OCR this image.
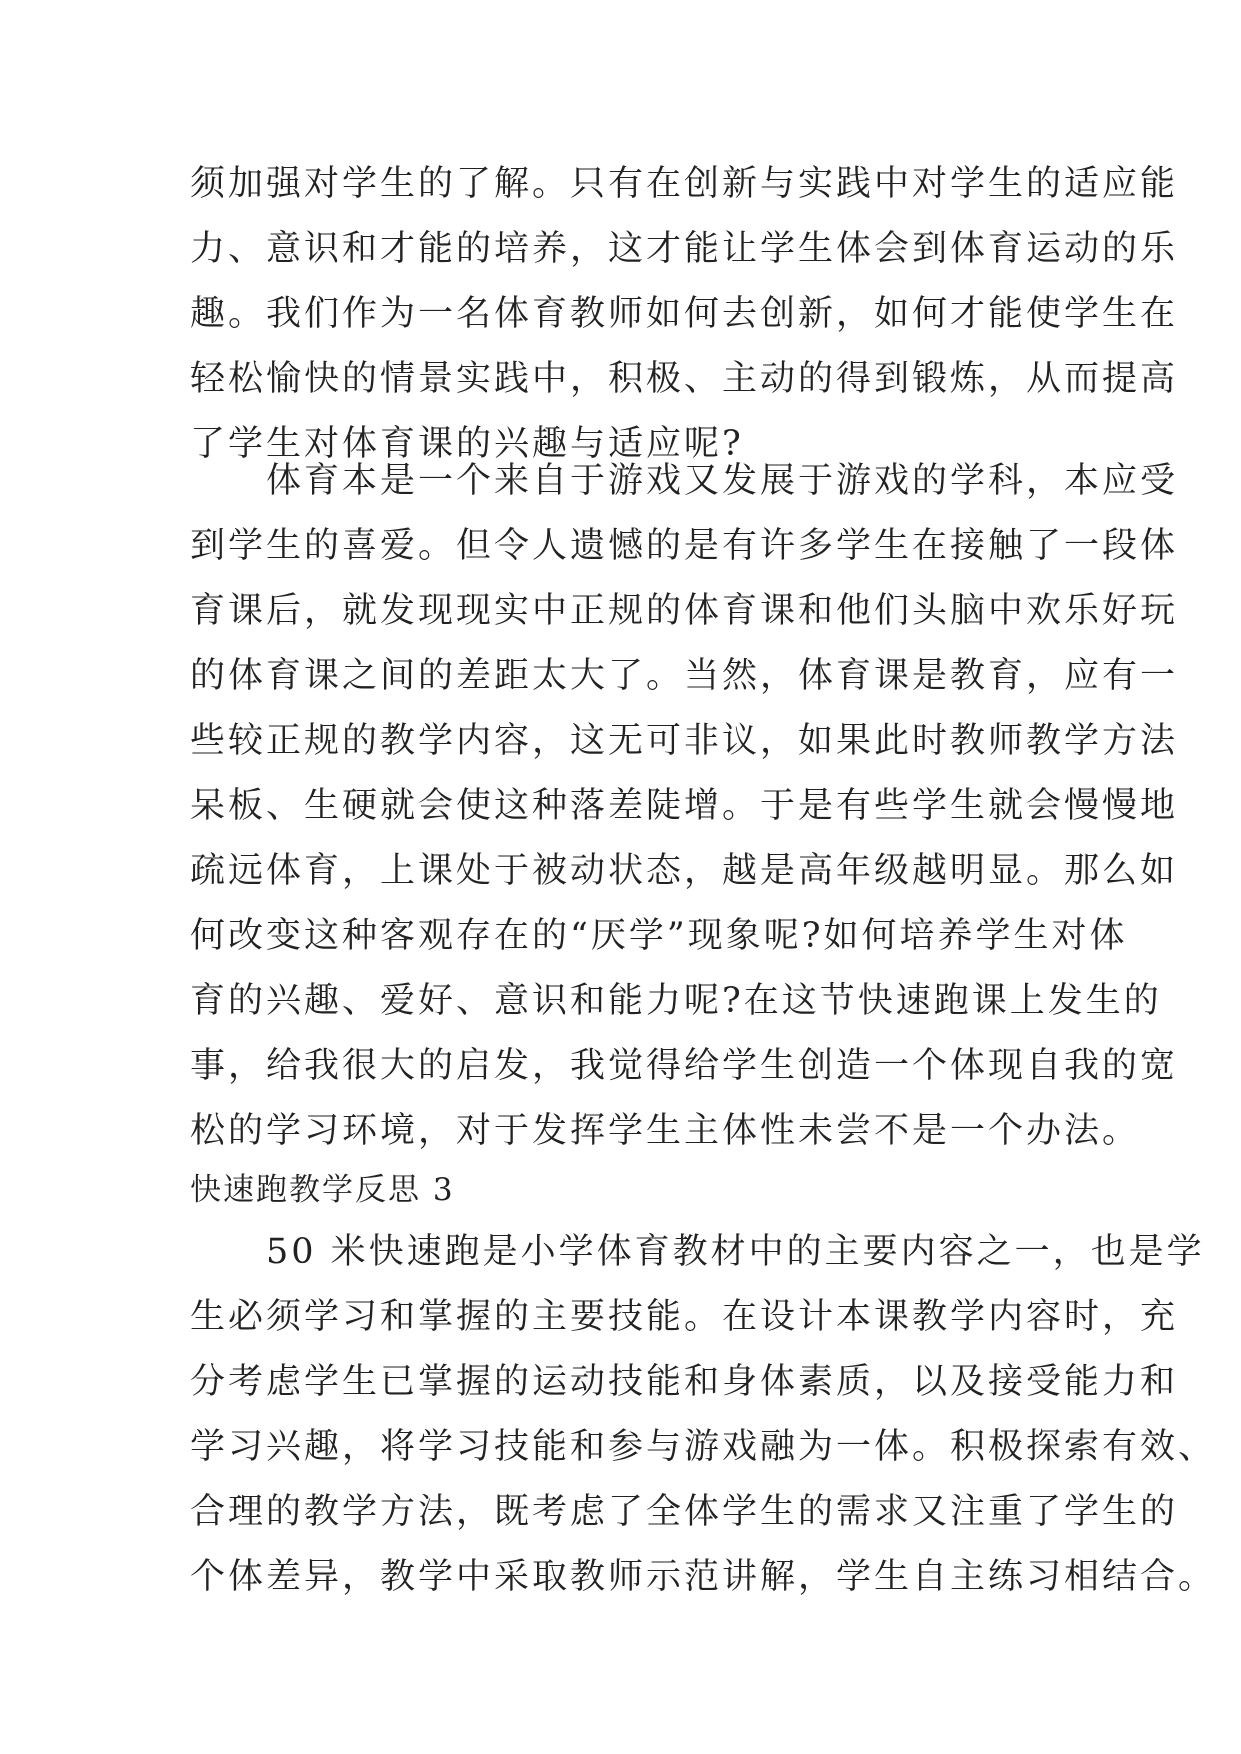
须加强对学生的了解。只有在创新与实践中对学生的适应能
力、意识和才能的培养，这才能让学生体会到体育运动的乐
趣。我们作为一名体育教师如何去创新，如何才能使学生在
轻松愉快的情景实践中，积极、主动的得到锻炼，从而提高
了学生对体育课的兴趣与适应呢?
　　体育本是一个来自于游戏又发展于游戏的学科，本应受
到学生的喜爱。但令人遗憾的是有许多学生在接触了一段体
育课后，就发现现实中正规的体育课和他们头脑中欢乐好玩
的体育课之间的差距太大了。当然，体育课是教育，应有一
些较正规的教学内容，这无可非议，如果此时教师教学方法
呆板、生硬就会使这种落差陡增。于是有些学生就会慢慢地
疏远体育，上课处于被动状态，越是高年级越明显。那么如
何改变这种客观存在的“厌学”现象呢?如何培养学生对体
育的兴趣、爱好、意识和能力呢?在这节快速跑课上发生的
事，给我很大的启发，我觉得给学生创造一个体现自我的宽
松的学习环境，对于发挥学生主体性未尝不是一个办法。
快速跑教学反思 3
　　50 米快速跑是小学体育教材中的主要内容之一，也是学
生必须学习和掌握的主要技能。在设计本课教学内容时，充
分考虑学生已掌握的运动技能和身体素质，以及接受能力和
学习兴趣，将学习技能和参与游戏融为一体。积极探索有效、
合理的教学方法，既考虑了全体学生的需求又注重了学生的
个体差异，教学中采取教师示范讲解，学生自主练习相结合。
